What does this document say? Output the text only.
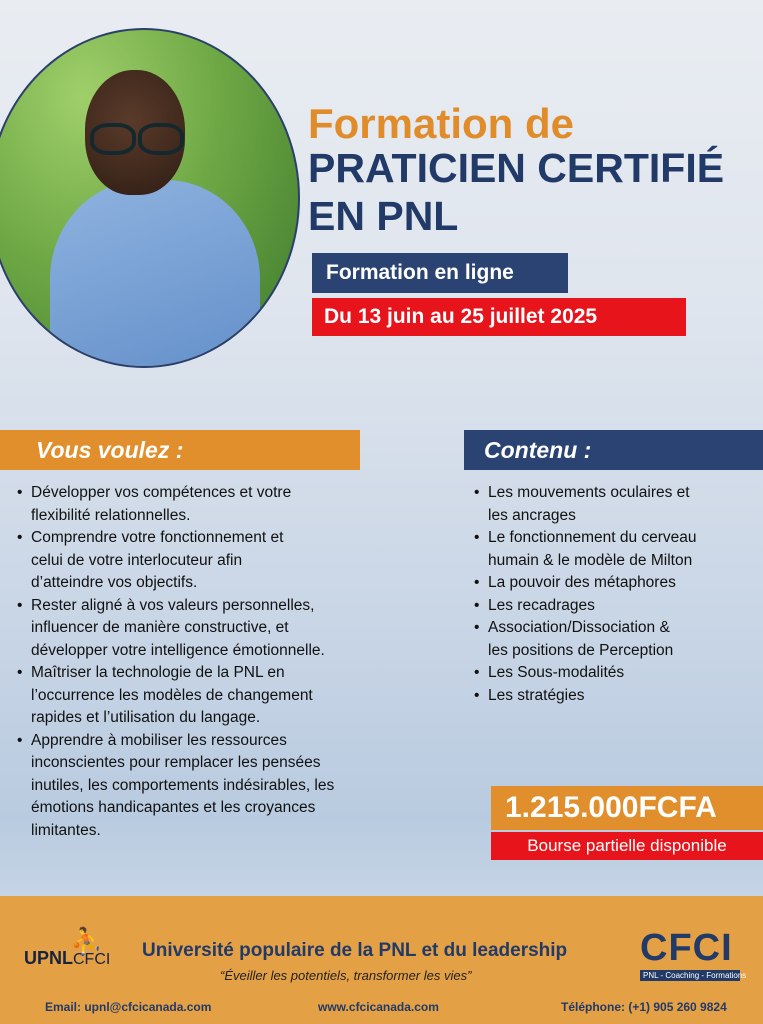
Formation de
PRATICIEN CERTIFIÉ
EN PNL
Formation en ligne
Du 13 juin au 25 juillet 2025
Vous voulez :	Contenu :
• Développer vos compétences et votre
flexibilité relationnelles.
• Comprendre votre fonctionnement et
celui de votre interlocuteur afin
d’atteindre vos objectifs.
• Rester aligné à vos valeurs personnelles,
influencer de manière constructive, et
développer votre intelligence émotionnelle.
• Maîtriser la technologie de la PNL en
l’occurrence les modèles de changement
rapides et l’utilisation du langage.
• Apprendre à mobiliser les ressources
inconscientes pour remplacer les pensées
inutiles, les comportements indésirables, les
émotions handicapantes et les croyances
limitantes.
• Les mouvements oculaires et
les ancrages
• Le fonctionnement du cerveau
humain & le modèle de Milton
• La pouvoir des métaphores
• Les recadrages
• Association/Dissociation &
les positions de Perception
• Les Sous-modalités
• Les stratégies
1.215.000FCFA
Bourse partielle disponible
⛹
UPNLCFCI Université populaire de la PNL et du leadership
“Éveiller les potentiels, transformer les vies”
CFCI
PNL - Coaching - Formations
Email: upnl@cfcicanada.com	www.cfcicanada.com	Téléphone: (+1) 905 260 9824
